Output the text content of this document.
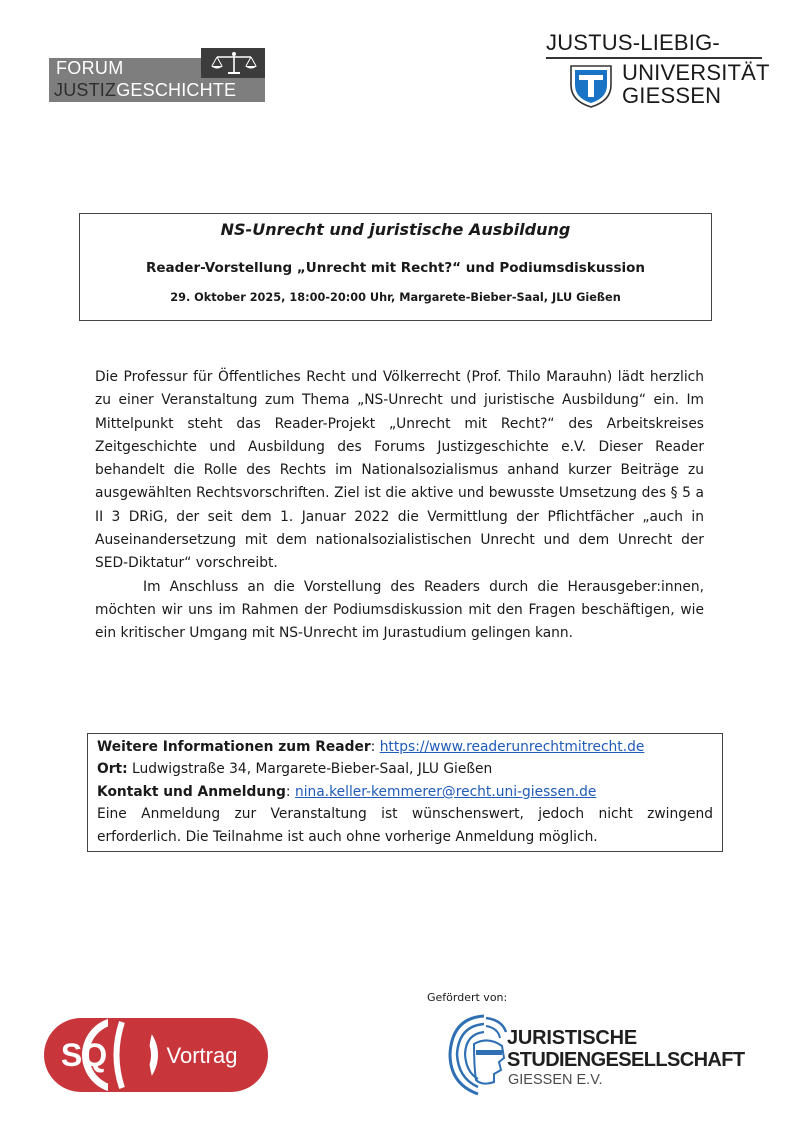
FORUM
JUSTIZGESCHICHTE
JUSTUS-LIEBIG-
UNIVERSITÄT
GIESSEN
NS-Unrecht und juristische Ausbildung
Reader-Vorstellung „Unrecht mit Recht?“ und Podiumsdiskussion
29. Oktober 2025, 18:00-20:00 Uhr, Margarete-Bieber-Saal, JLU Gießen

Die Professur für Öffentliches Recht und Völkerrecht (Prof. Thilo Marauhn) lädt herzlich zu einer Veranstaltung zum Thema „NS-Unrecht und juristische Ausbildung“ ein. Im Mittelpunkt steht das Reader-Projekt „Unrecht mit Recht?“ des Arbeitskreises Zeitgeschichte und Ausbildung des Forums Justizgeschichte e.V. Dieser Reader behandelt die Rolle des Rechts im Nationalsozialismus anhand kurzer Beiträge zu ausgewählten Rechtsvorschriften. Ziel ist die aktive und bewusste Umsetzung des § 5 a II 3 DRiG, der seit dem 1. Januar 2022 die Vermittlung der Pflichtfächer „auch in Auseinandersetzung mit dem nationalsozialistischen Unrecht und dem Unrecht der SED-Diktatur“ vorschreibt.

Im Anschluss an die Vorstellung des Readers durch die Herausgeber:innen, möchten wir uns im Rahmen der Podiumsdiskussion mit den Fragen beschäftigen, wie ein kritischer Umgang mit NS-Unrecht im Jurastudium gelingen kann.

Weitere Informationen zum Reader: https://www.readerunrechtmitrecht.de
Ort: Ludwigstraße 34, Margarete-Bieber-Saal, JLU Gießen
Kontakt und Anmeldung: nina.keller-kemmerer@recht.uni-giessen.de
Eine Anmeldung zur Veranstaltung ist wünschenswert, jedoch nicht zwingend erforderlich. Die Teilnahme ist auch ohne vorherige Anmeldung möglich.
SQ	Vortrag
Gefördert von:
JURISTISCHE
STUDIENGESELLSCHAFT
GIESSEN E.V.
